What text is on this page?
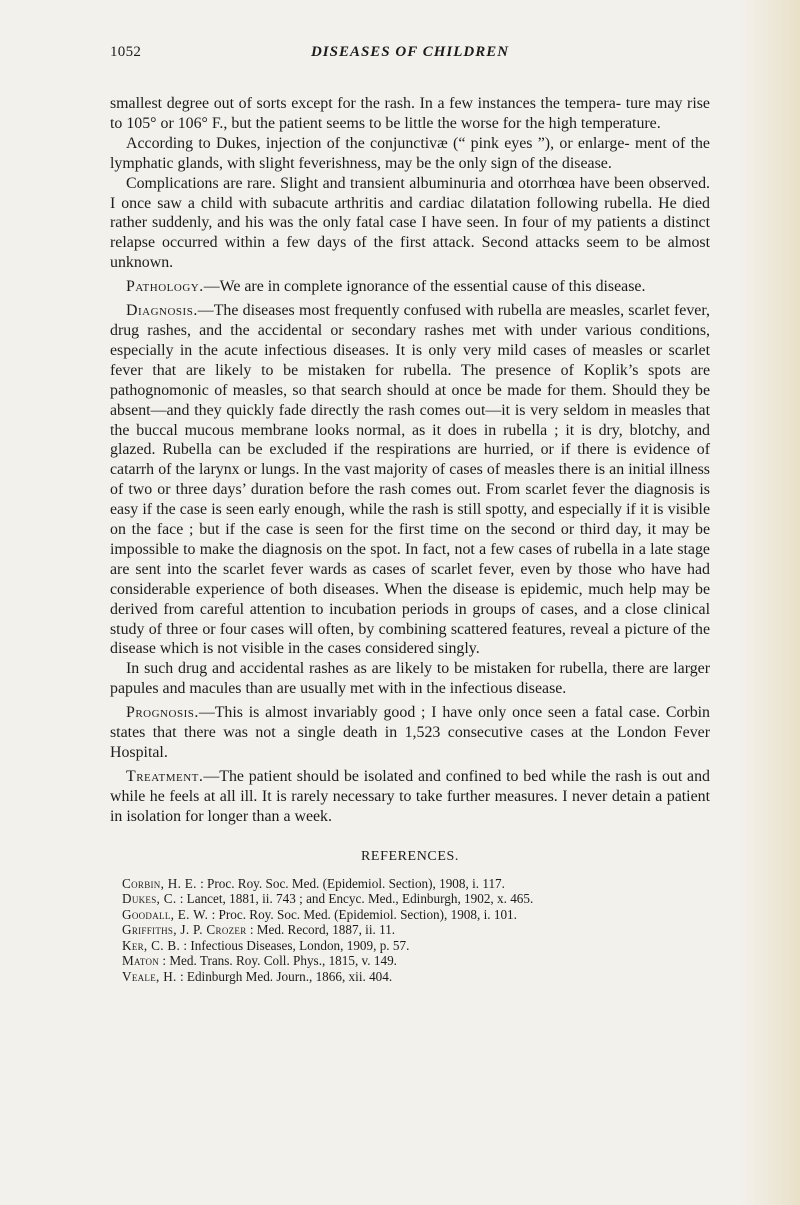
1052	DISEASES OF CHILDREN

smallest degree out of sorts except for the rash. In a few instances the tempera- ture may rise to 105° or 106° F., but the patient seems to be little the worse for the high temperature.

According to Dukes, injection of the conjunctivæ (“ pink eyes ”), or enlarge- ment of the lymphatic glands, with slight feverishness, may be the only sign of the disease.

Complications are rare. Slight and transient albuminuria and otorrhœa have been observed. I once saw a child with subacute arthritis and cardiac dilatation following rubella. He died rather suddenly, and his was the only fatal case I have seen. In four of my patients a distinct relapse occurred within a few days of the first attack. Second attacks seem to be almost unknown.

Pathology.—We are in complete ignorance of the essential cause of this disease.

Diagnosis.—The diseases most frequently confused with rubella are measles, scarlet fever, drug rashes, and the accidental or secondary rashes met with under various conditions, especially in the acute infectious diseases. It is only very mild cases of measles or scarlet fever that are likely to be mistaken for rubella. The presence of Koplik’s spots are pathognomonic of measles, so that search should at once be made for them. Should they be absent—and they quickly fade directly the rash comes out—it is very seldom in measles that the buccal mucous membrane looks normal, as it does in rubella ; it is dry, blotchy, and glazed. Rubella can be excluded if the respirations are hurried, or if there is evidence of catarrh of the larynx or lungs. In the vast majority of cases of measles there is an initial illness of two or three days’ duration before the rash comes out. From scarlet fever the diagnosis is easy if the case is seen early enough, while the rash is still spotty, and especially if it is visible on the face ; but if the case is seen for the first time on the second or third day, it may be impossible to make the diagnosis on the spot. In fact, not a few cases of rubella in a late stage are sent into the scarlet fever wards as cases of scarlet fever, even by those who have had considerable experience of both diseases. When the disease is epidemic, much help may be derived from careful attention to incubation periods in groups of cases, and a close clinical study of three or four cases will often, by combining scattered features, reveal a picture of the disease which is not visible in the cases considered singly.

In such drug and accidental rashes as are likely to be mistaken for rubella, there are larger papules and macules than are usually met with in the infectious disease.

Prognosis.—This is almost invariably good ; I have only once seen a fatal case. Corbin states that there was not a single death in 1,523 consecutive cases at the London Fever Hospital.

Treatment.—The patient should be isolated and confined to bed while the rash is out and while he feels at all ill. It is rarely necessary to take further measures. I never detain a patient in isolation for longer than a week.

REFERENCES.

Corbin, H. E. : Proc. Roy. Soc. Med. (Epidemiol. Section), 1908, i. 117.

Dukes, C. : Lancet, 1881, ii. 743 ; and Encyc. Med., Edinburgh, 1902, x. 465.

Goodall, E. W. : Proc. Roy. Soc. Med. (Epidemiol. Section), 1908, i. 101.

Griffiths, J. P. Crozer : Med. Record, 1887, ii. 11.

Ker, C. B. : Infectious Diseases, London, 1909, p. 57.

Maton : Med. Trans. Roy. Coll. Phys., 1815, v. 149.

Veale, H. : Edinburgh Med. Journ., 1866, xii. 404.
